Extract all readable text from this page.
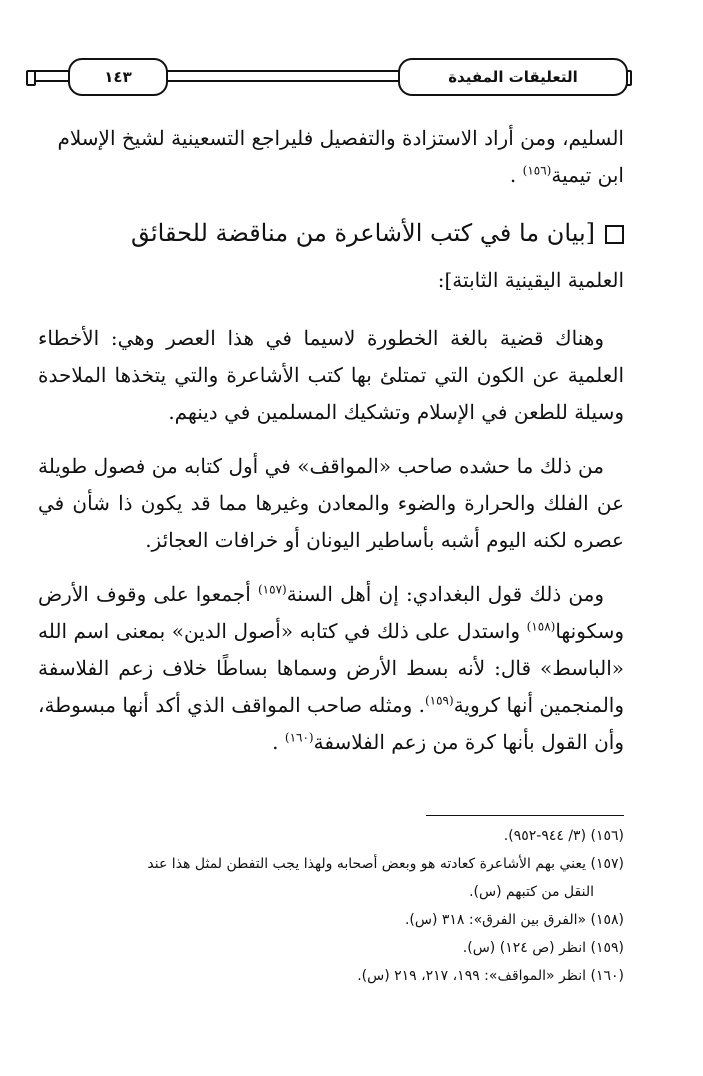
١٤٣	التعليقات المفيدة

السليم، ومن أراد الاستزادة والتفصيل فليراجع التسعينية لشيخ الإسلام
ابن تيمية$^{(١٥٦)}$ .

[بيان ما في كتب الأشاعرة من مناقضة للحقائق
العلمية اليقينية الثابتة]:

وهناك قضية بالغة الخطورة لاسيما في هذا العصر وهي: الأخطاء العلمية عن الكون التي تمتلئ بها كتب الأشاعرة والتي يتخذها الملاحدة وسيلة للطعن في الإسلام وتشكيك المسلمين في دينهم.

من ذلك ما حشده صاحب «المواقف» في أول كتابه من فصول طويلة عن الفلك والحرارة والضوء والمعادن وغيرها مما قد يكون ذا شأن في عصره لكنه اليوم أشبه بأساطير اليونان أو خرافات العجائز.

ومن ذلك قول البغدادي: إن أهل السنة$^{(١٥٧)}$ أجمعوا على وقوف الأرض وسكونها$^{(١٥٨)}$ واستدل على ذلك في كتابه «أصول الدين» بمعنى اسم الله «الباسط» قال: لأنه بسط الأرض وسماها بساطًا خلاف زعم الفلاسفة والمنجمين أنها كروية$^{(١٥٩)}$. ومثله صاحب المواقف الذي أكد أنها مبسوطة، وأن القول بأنها كرة من زعم الفلاسفة$^{(١٦٠)}$ .

(١٥٦) (٣/ ٩٤٤-٩٥٢).

(١٥٧) يعني بهم الأشاعرة كعادته هو وبعض أصحابه ولهذا يجب التفطن لمثل هذا عند
النقل من كتبهم (س).

(١٥٨) «الفرق بين الفرق»: ٣١٨ (س).

(١٥٩) انظر (ص ١٢٤) (س).

(١٦٠) انظر «المواقف»: ١٩٩، ٢١٧، ٢١٩ (س).
